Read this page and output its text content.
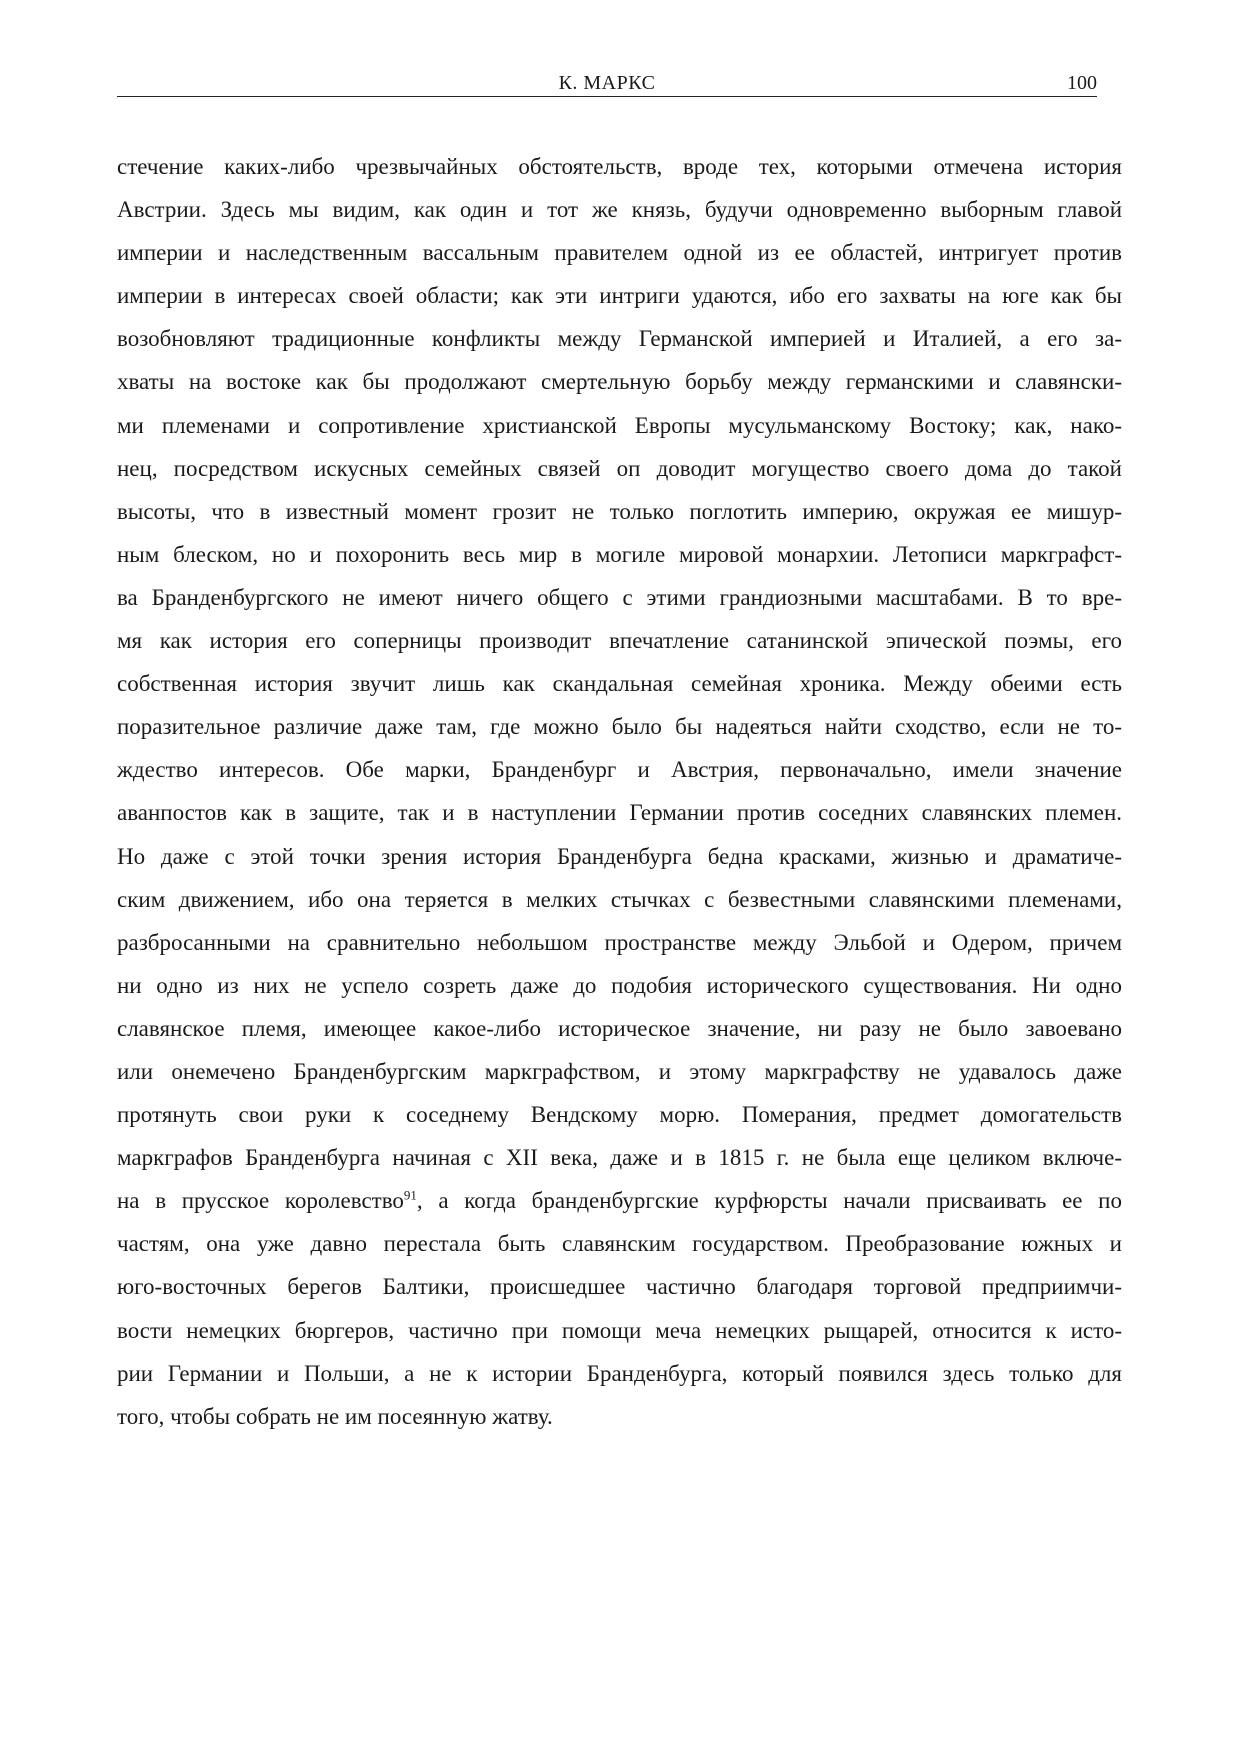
К. МАРКС	100
стечение каких-либо чрезвычайных обстоятельств, вроде тех, которыми отмечена история
Австрии. Здесь мы видим, как один и тот же князь, будучи одновременно выборным главой
империи и наследственным вассальным правителем одной из ее областей, интригует против
империи в интересах своей области; как эти интриги удаются, ибо его захваты на юге как бы
возобновляют традиционные конфликты между Германской империей и Италией, а его за-
хваты на востоке как бы продолжают смертельную борьбу между германскими и славянски-
ми племенами и сопротивление христианской Европы мусульманскому Востоку; как, нако-
нец, посредством искусных семейных связей оп доводит могущество своего дома до такой
высоты, что в известный момент грозит не только поглотить империю, окружая ее мишур-
ным блеском, но и похоронить весь мир в могиле мировой монархии. Летописи маркграфст-
ва Бранденбургского не имеют ничего общего с этими грандиозными масштабами. В то вре-
мя как история его соперницы производит впечатление сатанинской эпической поэмы, его
собственная история звучит лишь как скандальная семейная хроника. Между обеими есть
поразительное различие даже там, где можно было бы надеяться найти сходство, если не то-
ждество интересов. Обе марки, Бранденбург и Австрия, первоначально, имели значение
аванпостов как в защите, так и в наступлении Германии против соседних славянских племен.
Но даже с этой точки зрения история Бранденбурга бедна красками, жизнью и драматиче-
ским движением, ибо она теряется в мелких стычках с безвестными славянскими племенами,
разбросанными на сравнительно небольшом пространстве между Эльбой и Одером, причем
ни одно из них не успело созреть даже до подобия исторического существования. Ни одно
славянское племя, имеющее какое-либо историческое значение, ни разу не было завоевано
или онемечено Бранденбургским маркграфством, и этому маркграфству не удавалось даже
протянуть свои руки к соседнему Вендскому морю. Померания, предмет домогательств
маркграфов Бранденбурга начиная с XII века, даже и в 1815 г. не была еще целиком включе-
на в прусское королевство$^{91}$, а когда бранденбургские курфюрсты начали присваивать ее по
частям, она уже давно перестала быть славянским государством. Преобразование южных и
юго-восточных берегов Балтики, происшедшее частично благодаря торговой предприимчи-
вости немецких бюргеров, частично при помощи меча немецких рыщарей, относится к исто-
рии Германии и Польши, а не к истории Бранденбурга, который появился здесь только для
того, чтобы собрать не им посеянную жатву.
